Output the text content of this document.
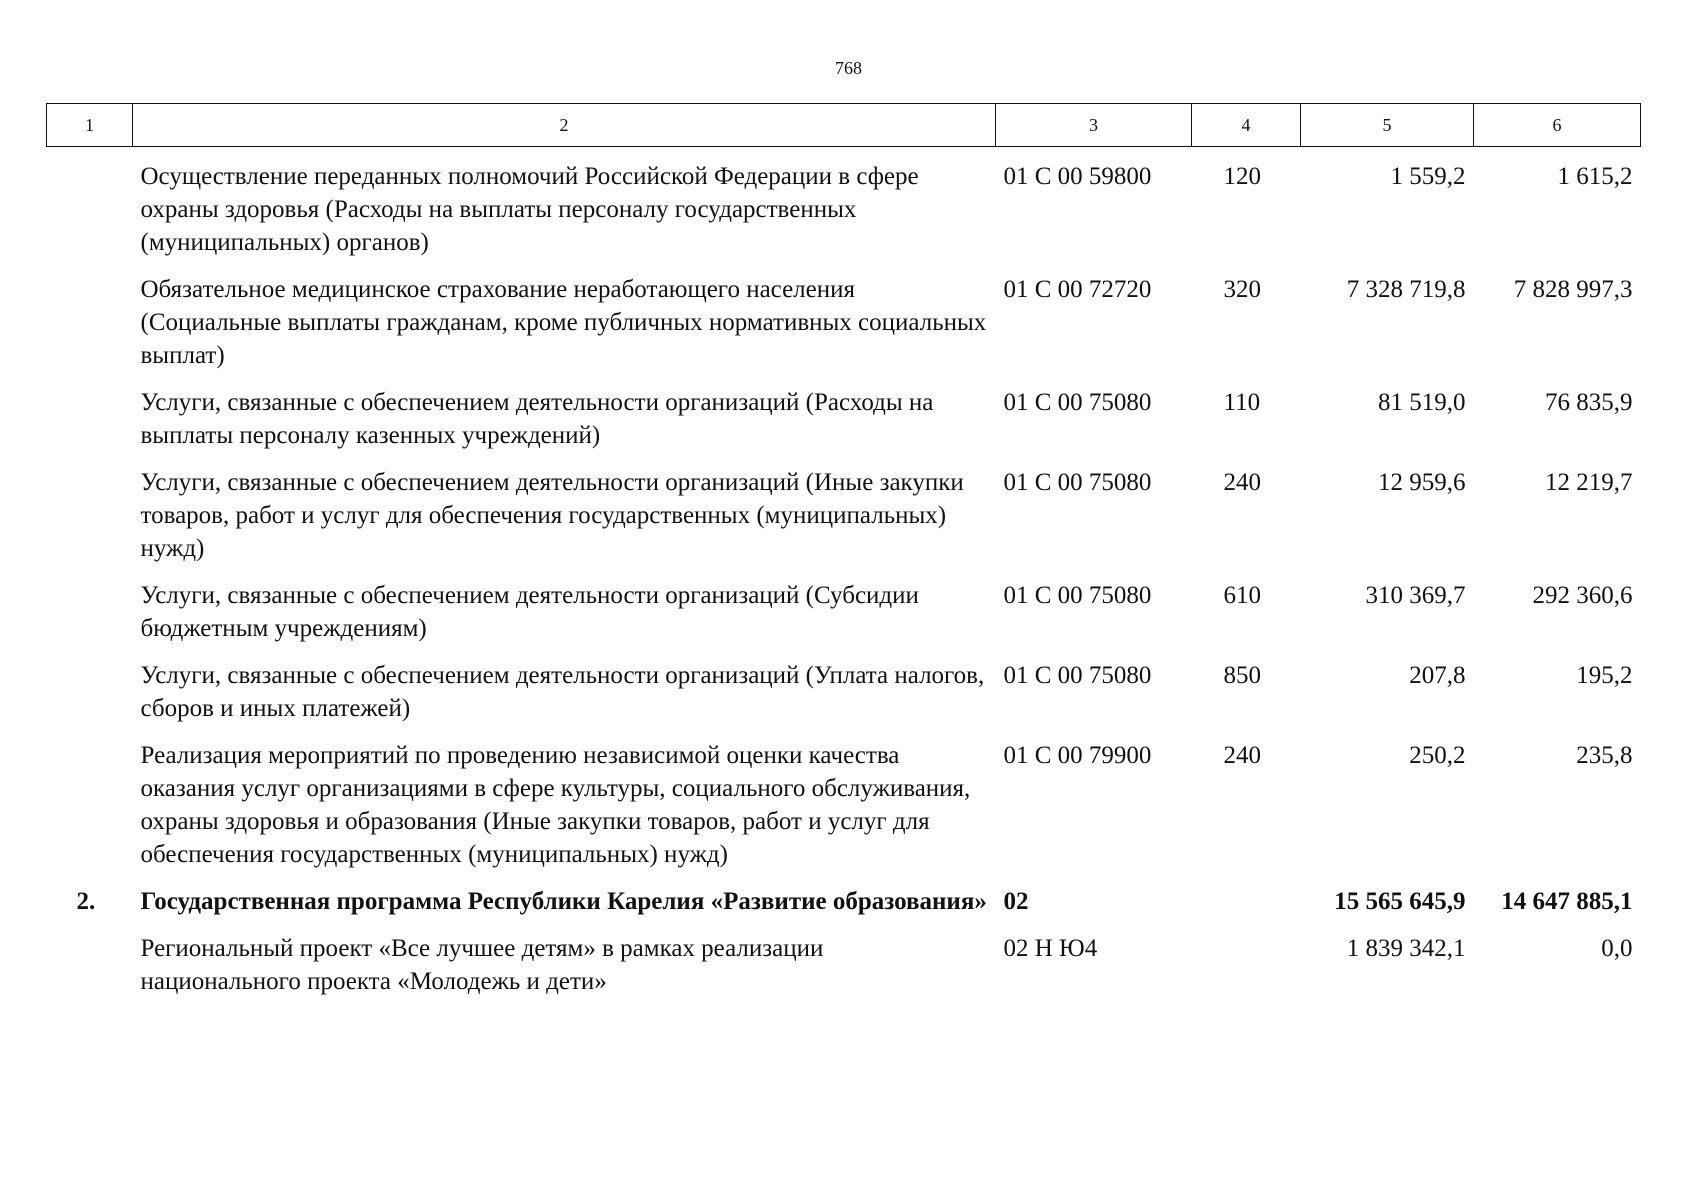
768
1	2	3	4	5	6
	Осуществление переданных полномочий Российской Федерации в сфере охраны здоровья (Расходы на выплаты персоналу государственных (муниципальных) органов)	01 С 00 59800	120	1 559,2	1 615,2
	Обязательное медицинское страхование неработающего населения (Социальные выплаты гражданам, кроме публичных нормативных социальных выплат)	01 С 00 72720	320	7 328 719,8	7 828 997,3
	Услуги, связанные с обеспечением деятельности организаций (Расходы на выплаты персоналу казенных учреждений)	01 С 00 75080	110	81 519,0	76 835,9
	Услуги, связанные с обеспечением деятельности организаций (Иные закупки товаров, работ и услуг для обеспечения государственных (муниципальных) нужд)	01 С 00 75080	240	12 959,6	12 219,7
	Услуги, связанные с обеспечением деятельности организаций (Субсидии бюджетным учреждениям)	01 С 00 75080	610	310 369,7	292 360,6
	Услуги, связанные с обеспечением деятельности организаций (Уплата налогов, сборов и иных платежей)	01 С 00 75080	850	207,8	195,2
	Реализация мероприятий по проведению независимой оценки качества оказания услуг организациями в сфере культуры, социального обслуживания, охраны здоровья и образования (Иные закупки товаров, работ и услуг для обеспечения государственных (муниципальных) нужд)	01 С 00 79900	240	250,2	235,8
2.	Государственная программа Республики Карелия «Развитие образования»	02		15 565 645,9	14 647 885,1
	Региональный проект «Все лучшее детям» в рамках реализации национального проекта «Молодежь и дети»	02 Н Ю4		1 839 342,1	0,0
